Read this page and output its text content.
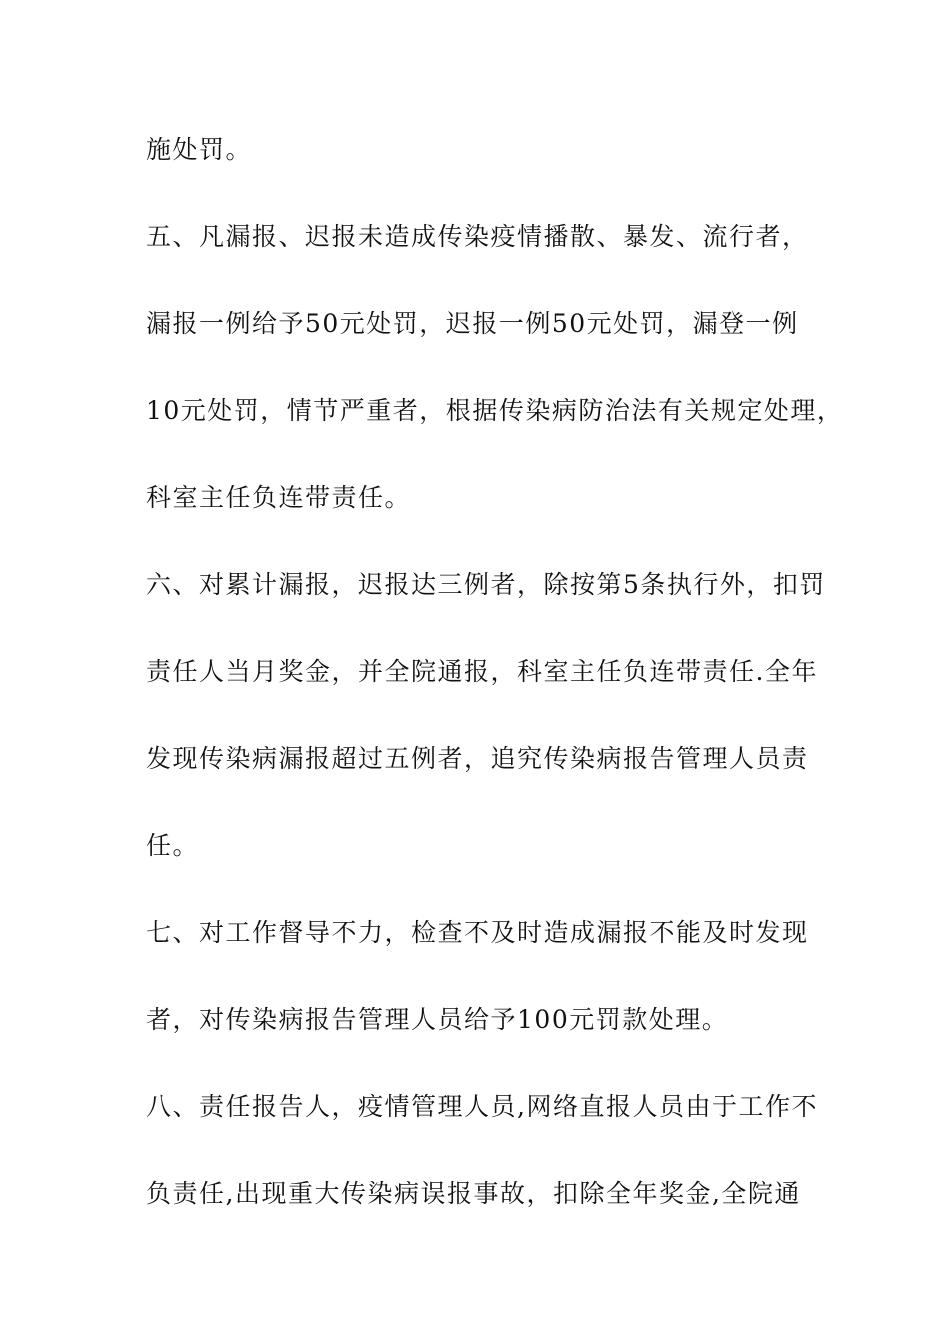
施处罚。
五、凡漏报、迟报未造成传染疫情播散、暴发、流行者，
漏报一例给予50元处罚，迟报一例50元处罚，漏登一例
10元处罚，情节严重者，根据传染病防治法有关规定处理，
科室主任负连带责任。
六、对累计漏报，迟报达三例者，除按第5条执行外，扣罚
责任人当月奖金，并全院通报，科室主任负连带责任.全年
发现传染病漏报超过五例者，追究传染病报告管理人员责
任。
七、对工作督导不力，检查不及时造成漏报不能及时发现
者，对传染病报告管理人员给予100元罚款处理。
八、责任报告人，疫情管理人员,网络直报人员由于工作不
负责任,出现重大传染病误报事故，扣除全年奖金,全院通
